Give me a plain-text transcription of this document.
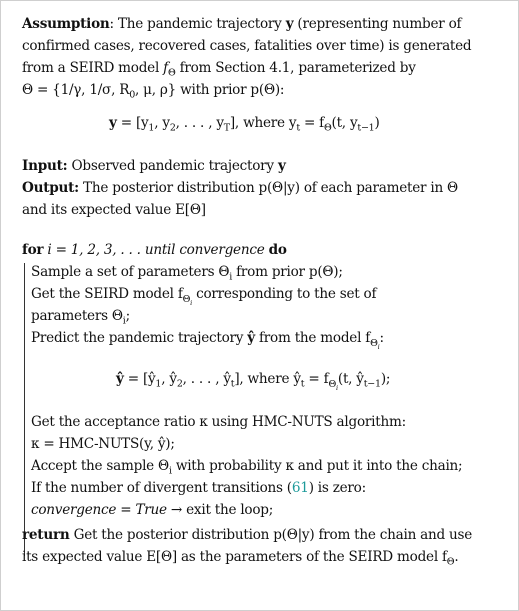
Assumption: The pandemic trajectory y (representing number of
confirmed cases, recovered cases, fatalities over time) is generated
from a SEIRD model $f_\Theta$ from Section 4.1, parameterized by
Θ = {1/γ, 1/σ, $R_0$, μ, ρ} with prior p(Θ):
$y = [y_1$, $y_2$, . . . , $y_T$], where $y_t = f_\Theta(t$, $y_{t-1}$)
Input: Observed pandemic trajectory y
Output: The posterior distribution p(Θ|y) of each parameter in Θ
and its expected value E[Θ]
for i = 1, 2, 3, . . . until convergence do
Sample a set of parameters $\Theta_i$ from prior p(Θ);
Get the SEIRD model $f_{\Theta_i}$ corresponding to the set of
parameters $\Theta_i$;
Predict the pandemic trajectory ŷ from the model $f_{\Theta_i}$:
ŷ = [$ŷ_1$, $ŷ_2$, . . . , $ŷ_t$], where $ŷ_t = f_{\Theta_i}(t$, $ŷ_{t-1}$);
Get the acceptance ratio κ using HMC-NUTS algorithm:
κ = HMC-NUTS(y, ŷ);
Accept the sample $\Theta_i$ with probability κ and put it into the chain;
If the number of divergent transitions (61) is zero:
convergence = True → exit the loop;
return Get the posterior distribution p(Θ|y) from the chain and use
its expected value E[Θ] as the parameters of the SEIRD model $f_\Theta$.
